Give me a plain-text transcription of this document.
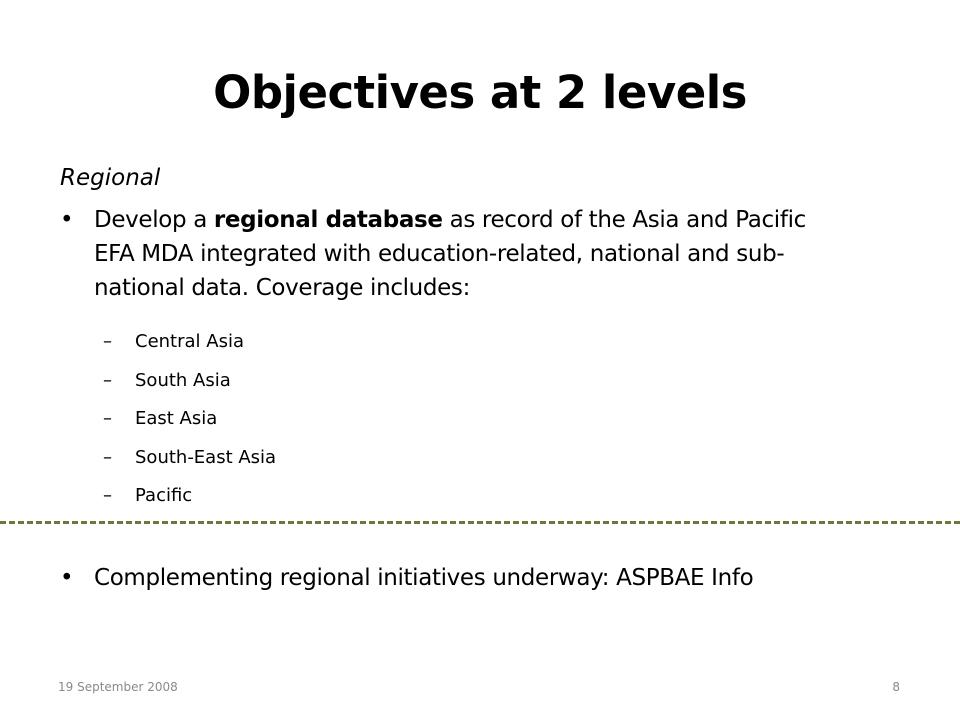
Objectives at 2 levels
Regional
• Develop a regional database as record of the Asia and Pacific
EFA MDA integrated with education-related, national and sub-
national data. Coverage includes:
– Central Asia
– South Asia
– East Asia
– South-East Asia
– Pacific
• Complementing regional initiatives underway: ASPBAE Info
19 September 2008	8
